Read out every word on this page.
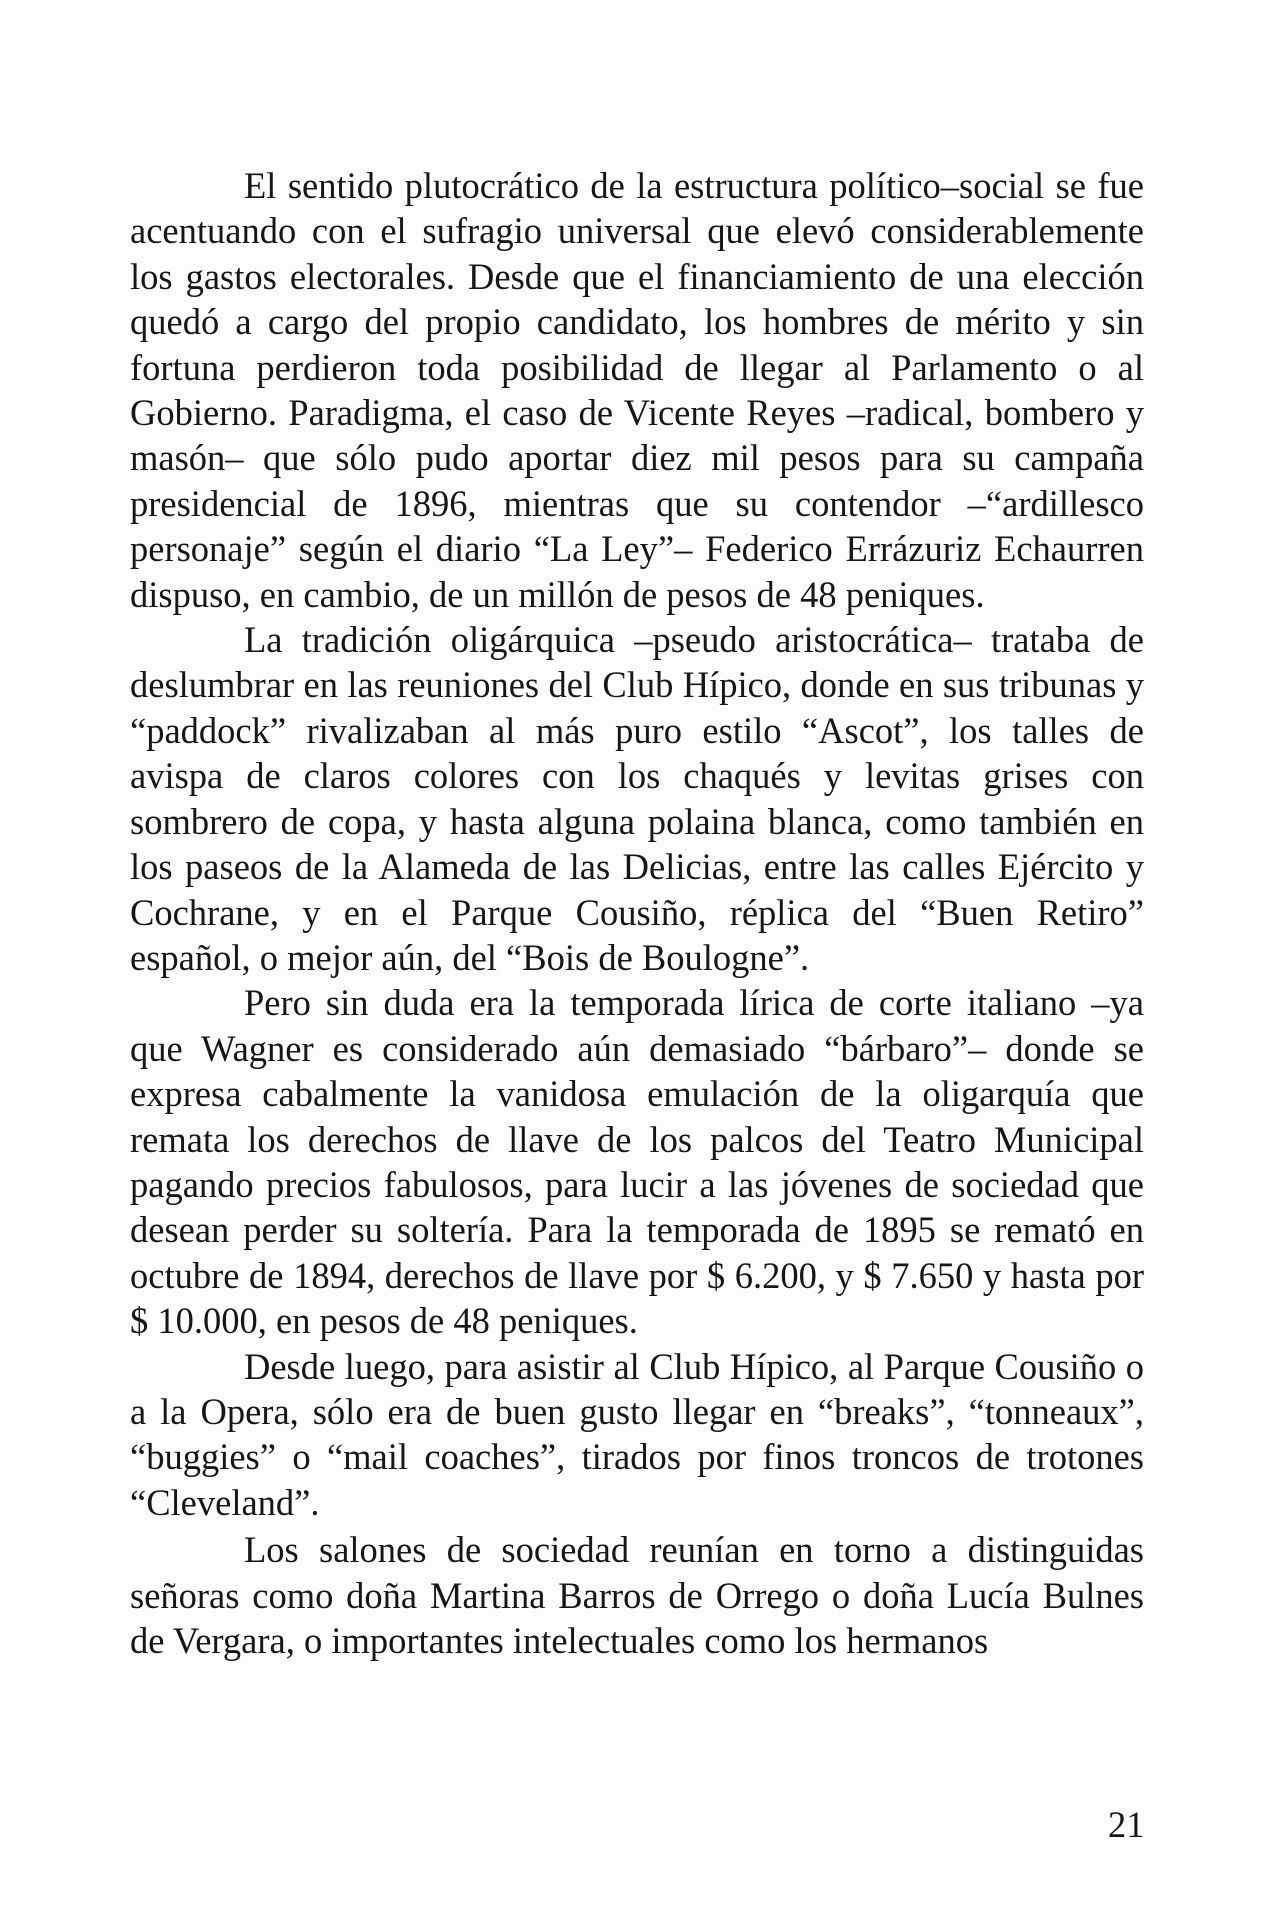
El sentido plutocrático de la estructura político–social se fue acentuando con el sufragio universal que elevó considerablemente los gastos electorales. Desde que el financiamiento de una elección quedó a cargo del propio candidato, los hombres de mérito y sin fortuna perdieron toda posibilidad de llegar al Parlamento o al Gobierno. Paradigma, el caso de Vicente Reyes –radical, bombero y masón– que sólo pudo aportar diez mil pesos para su campaña presidencial de 1896, mientras que su contendor –“ardillesco personaje” según el diario “La Ley”– Federico Errázuriz Echaurren dispuso, en cambio, de un millón de pesos de 48 peniques.

La tradición oligárquica –pseudo aristocrática– trataba de deslumbrar en las reuniones del Club Hípico, donde en sus tribunas y “paddock” rivalizaban al más puro estilo “Ascot”, los talles de avispa de claros colores con los chaqués y levitas grises con sombrero de copa, y hasta alguna polaina blanca, como también en los paseos de la Alameda de las Delicias, entre las calles Ejército y Cochrane, y en el Parque Cousiño, réplica del “Buen Retiro” español, o mejor aún, del “Bois de Boulogne”.

Pero sin duda era la temporada lírica de corte italiano –ya que Wagner es considerado aún demasiado “bárbaro”– donde se expresa cabalmente la vanidosa emulación de la oligarquía que remata los derechos de llave de los palcos del Teatro Municipal pagando precios fabulosos, para lucir a las jóvenes de sociedad que desean perder su soltería. Para la temporada de 1895 se remató en octubre de 1894, derechos de llave por $ 6.200, y $ 7.650 y hasta por $ 10.000, en pesos de 48 peniques.

Desde luego, para asistir al Club Hípico, al Parque Cousiño o a la Opera, sólo era de buen gusto llegar en “breaks”, “tonneaux”, “buggies” o “mail coaches”, tirados por finos troncos de trotones “Cleveland”.

Los salones de sociedad reunían en torno a distinguidas señoras como doña Martina Barros de Orrego o doña Lucía Bulnes de Vergara, o importantes intelectuales como los hermanos

21
